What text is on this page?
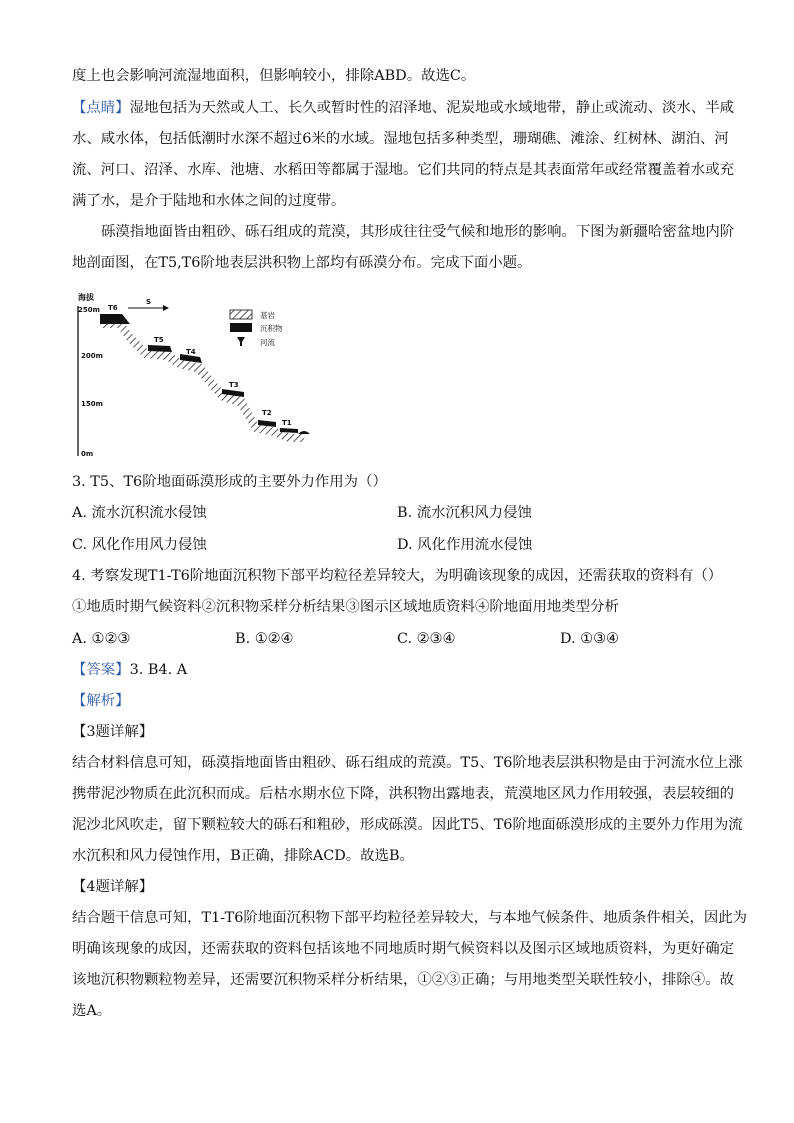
度上也会影响河流湿地面积，但影响较小，排除ABD。故选C。
【点睛】湿地包括为天然或人工、长久或暂时性的沼泽地、泥炭地或水域地带，静止或流动、淡水、半咸
水、咸水体，包括低潮时水深不超过6米的水域。湿地包括多种类型，珊瑚礁、滩涂、红树林、湖泊、河
流、河口、沼泽、水库、池塘、水稻田等都属于湿地。它们共同的特点是其表面常年或经常覆盖着水或充
满了水，是介于陆地和水体之间的过度带。
砾漠指地面皆由粗砂、砾石组成的荒漠，其形成往往受气候和地形的影响。下图为新疆哈密盆地内阶
地剖面图，在T5,T6阶地表层洪积物上部均有砾漠分布。完成下面小题。
海拔
250m
200m
150m
0m
S
T6
T5
T4
T3
T2
T1
基岩
沉积物
河流
3. T5、T6阶地面砾漠形成的主要外力作用为（）
A. 流水沉积流水侵蚀	B. 流水沉积风力侵蚀
C. 风化作用风力侵蚀	D. 风化作用流水侵蚀
4. 考察发现T1-T6阶地面沉积物下部平均粒径差异较大，为明确该现象的成因，还需获取的资料有（）
①地质时期气候资料②沉积物采样分析结果③图示区域地质资料④阶地面用地类型分析
A. ①②③	B. ①②④	C. ②③④	D. ①③④
【答案】3. B4. A
【解析】
【3题详解】
结合材料信息可知，砾漠指地面皆由粗砂、砾石组成的荒漠。T5、T6阶地表层洪积物是由于河流水位上涨
携带泥沙物质在此沉积而成。后枯水期水位下降，洪积物出露地表，荒漠地区风力作用较强，表层较细的
泥沙北风吹走，留下颗粒较大的砾石和粗砂，形成砾漠。因此T5、T6阶地面砾漠形成的主要外力作用为流
水沉积和风力侵蚀作用，B正确，排除ACD。故选B。
【4题详解】
结合题干信息可知，T1-T6阶地面沉积物下部平均粒径差异较大，与本地气候条件、地质条件相关，因此为
明确该现象的成因，还需获取的资料包括该地不同地质时期气候资料以及图示区域地质资料，为更好确定
该地沉积物颗粒物差异，还需要沉积物采样分析结果，①②③正确；与用地类型关联性较小，排除④。故
选A。
